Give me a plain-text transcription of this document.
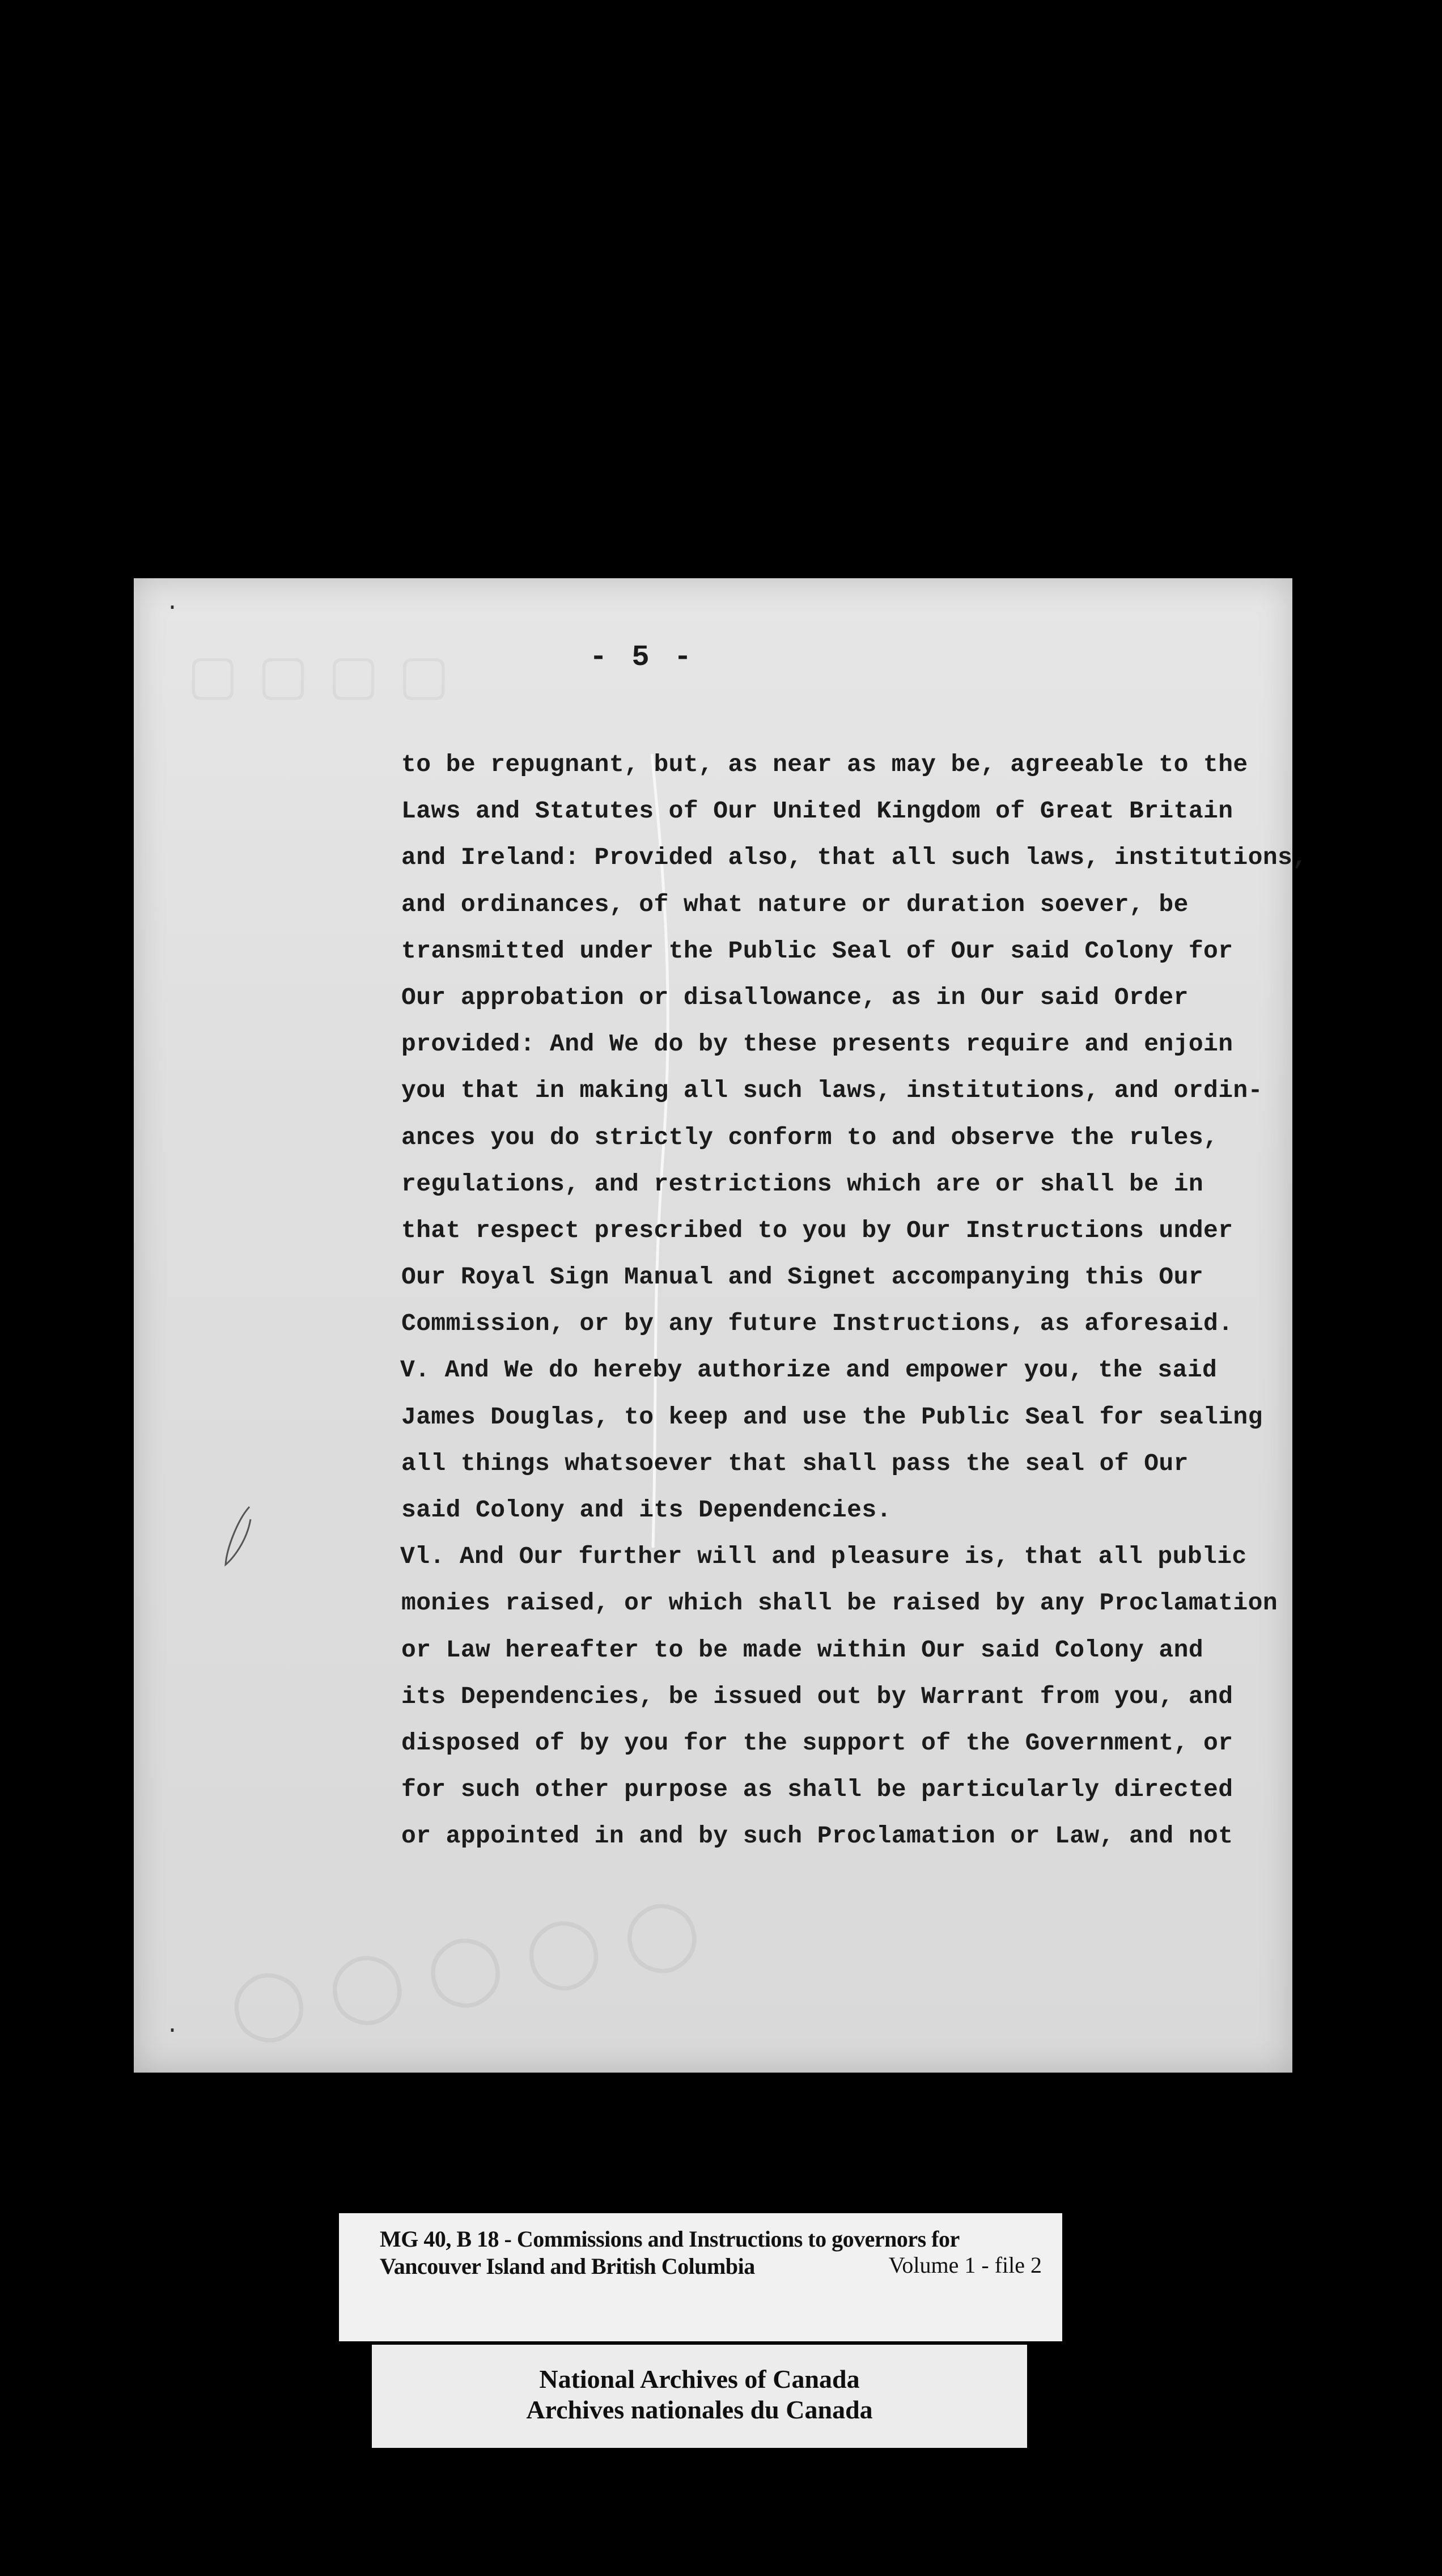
▢ ▢ ▢ ▢
◯ ◯ ◯ ◯ ◯
- 5 -
to be repugnant, but, as near as may be, agreeable to the
Laws and Statutes of Our United Kingdom of Great Britain
and Ireland: Provided also, that all such laws, institutions,
and ordinances, of what nature or duration soever, be
transmitted under the Public Seal of Our said Colony for
Our approbation or disallowance, as in Our said Order
provided: And We do by these presents require and enjoin
you that in making all such laws, institutions, and ordin-
ances you do strictly conform to and observe the rules,
regulations, and restrictions which are or shall be in
that respect prescribed to you by Our Instructions under
Our Royal Sign Manual and Signet accompanying this Our
Commission, or by any future Instructions, as aforesaid.
V. And We do hereby authorize and empower you, the said
James Douglas, to keep and use the Public Seal for sealing
all things whatsoever that shall pass the seal of Our
said Colony and its Dependencies.
Vl. And Our further will and pleasure is, that all public
monies raised, or which shall be raised by any Proclamation
or Law hereafter to be made within Our said Colony and
its Dependencies, be issued out by Warrant from you, and
disposed of by you for the support of the Government, or
for such other purpose as shall be particularly directed
or appointed in and by such Proclamation or Law, and not
·
·
MG 40, B 18 - Commissions and Instructions to governors for
Vancouver Island and British Columbia	Volume 1 - file 2
National Archives of Canada
Archives nationales du Canada
